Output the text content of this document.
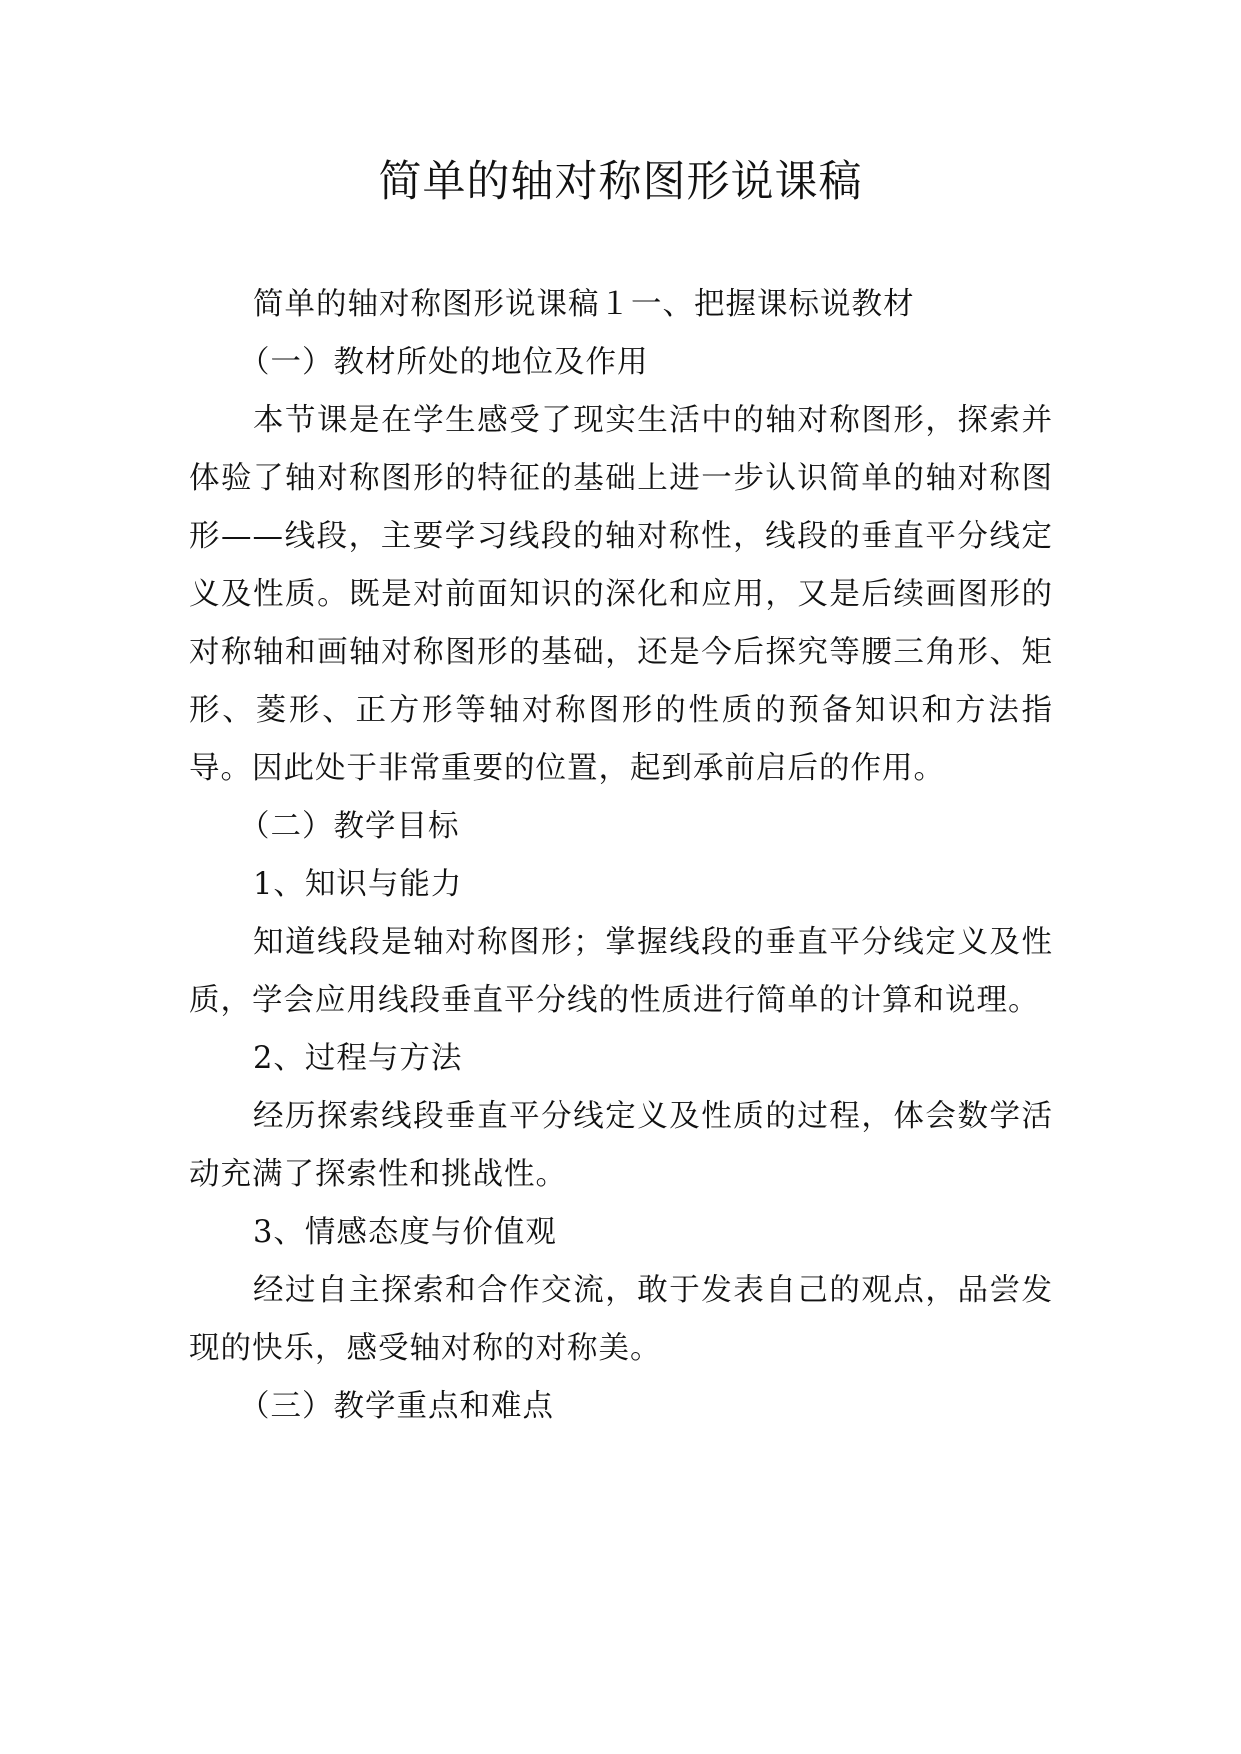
简单的轴对称图形说课稿

简单的轴对称图形说课稿１一、把握课标说教材

（一）教材所处的地位及作用

本节课是在学生感受了现实生活中的轴对称图形，探索并体验了轴对称图形的特征的基础上进一步认识简单的轴对称图形——线段，主要学习线段的轴对称性，线段的垂直平分线定义及性质。既是对前面知识的深化和应用，又是后续画图形的对称轴和画轴对称图形的基础，还是今后探究等腰三角形、矩形、菱形、正方形等轴对称图形的性质的预备知识和方法指导。因此处于非常重要的位置，起到承前启后的作用。

（二）教学目标

1、知识与能力

知道线段是轴对称图形；掌握线段的垂直平分线定义及性质，学会应用线段垂直平分线的性质进行简单的计算和说理。

2、过程与方法

经历探索线段垂直平分线定义及性质的过程，体会数学活动充满了探索性和挑战性。

3、情感态度与价值观

经过自主探索和合作交流，敢于发表自己的观点，品尝发现的快乐，感受轴对称的对称美。

（三）教学重点和难点
